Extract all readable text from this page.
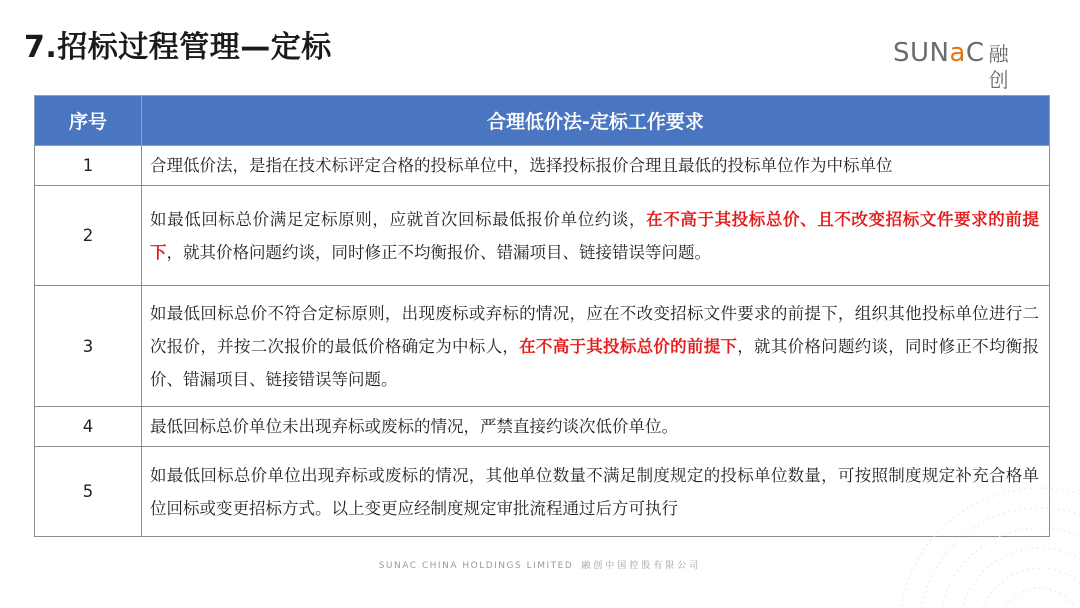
7.招标过程管理—定标	SUNaC 融创
序号	合理低价法-定标工作要求
1	合理低价法，是指在技术标评定合格的投标单位中，选择投标报价合理且最低的投标单位作为中标单位
2	如最低回标总价满足定标原则，应就首次回标最低报价单位约谈，在不高于其投标总价、且不改变招标文件要求的前提下，就其价格问题约谈，同时修正不均衡报价、错漏项目、链接错误等问题。
3	如最低回标总价不符合定标原则，出现废标或弃标的情况，应在不改变招标文件要求的前提下，组织其他投标单位进行二次报价，并按二次报价的最低价格确定为中标人，在不高于其投标总价的前提下，就其价格问题约谈，同时修正不均衡报价、错漏项目、链接错误等问题。
4	最低回标总价单位未出现弃标或废标的情况，严禁直接约谈次低价单位。
5	如最低回标总价单位出现弃标或废标的情况，其他单位数量不满足制度规定的投标单位数量，可按照制度规定补充合格单位回标或变更招标方式。以上变更应经制度规定审批流程通过后方可执行
SUNAC CHINA HOLDINGS LIMITED 融创中国控股有限公司
